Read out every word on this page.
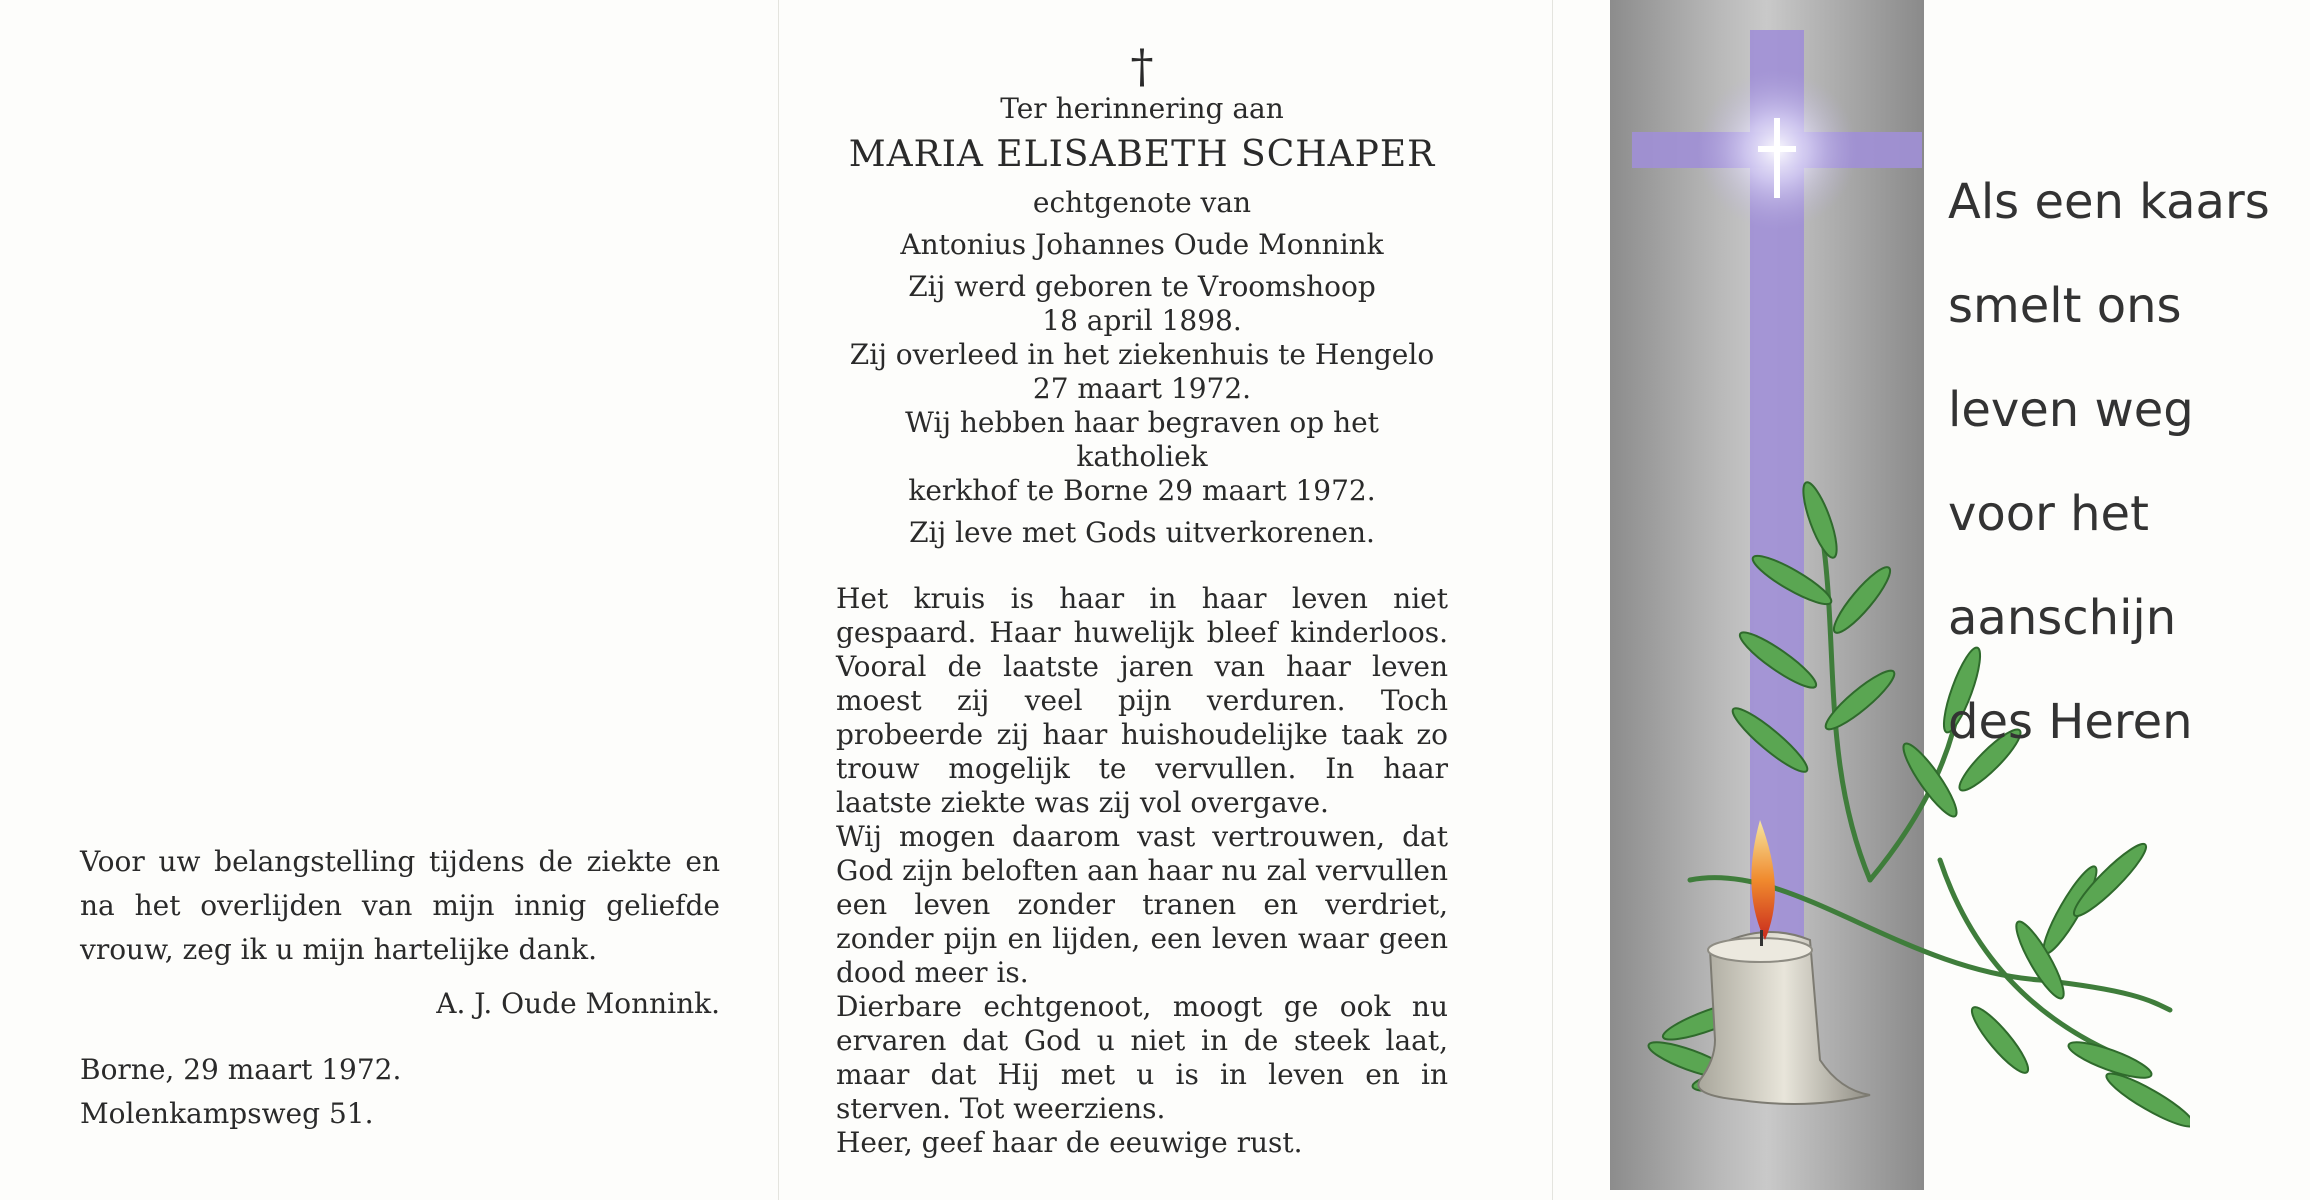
Voor uw belangstelling tijdens de ziekte en na het overlijden van mijn innig geliefde vrouw, zeg ik u mijn hartelijke dank.
A. J. Oude Monnink.
Borne, 29 maart 1972.
Molenkampsweg 51.
†
Ter herinnering aan
MARIA ELISABETH SCHAPER
echtgenote van
Antonius Johannes Oude Monnink
Zij werd geboren te Vroomshoop
18 april 1898.
Zij overleed in het ziekenhuis te Hengelo
27 maart 1972.
Wij hebben haar begraven op het katholiek
kerkhof te Borne 29 maart 1972.
Zij leve met Gods uitverkorenen.

Het kruis is haar in haar leven niet gespaard. Haar huwelijk bleef kinderloos. Vooral de laatste jaren van haar leven moest zij veel pijn verduren. Toch probeerde zij haar huishoudelijke taak zo trouw mogelijk te vervullen. In haar laatste ziekte was zij vol overgave.

Wij mogen daarom vast vertrouwen, dat God zijn beloften aan haar nu zal vervullen een leven zonder tranen en verdriet, zonder pijn en lijden, een leven waar geen dood meer is.

Dierbare echtgenoot, moogt ge ook nu ervaren dat God u niet in de steek laat, maar dat Hij met u is in leven en in sterven. Tot weerziens.

Heer, geef haar de eeuwige rust.

Als een kaars
smelt ons
leven weg
voor het
aanschijn
des Heren
